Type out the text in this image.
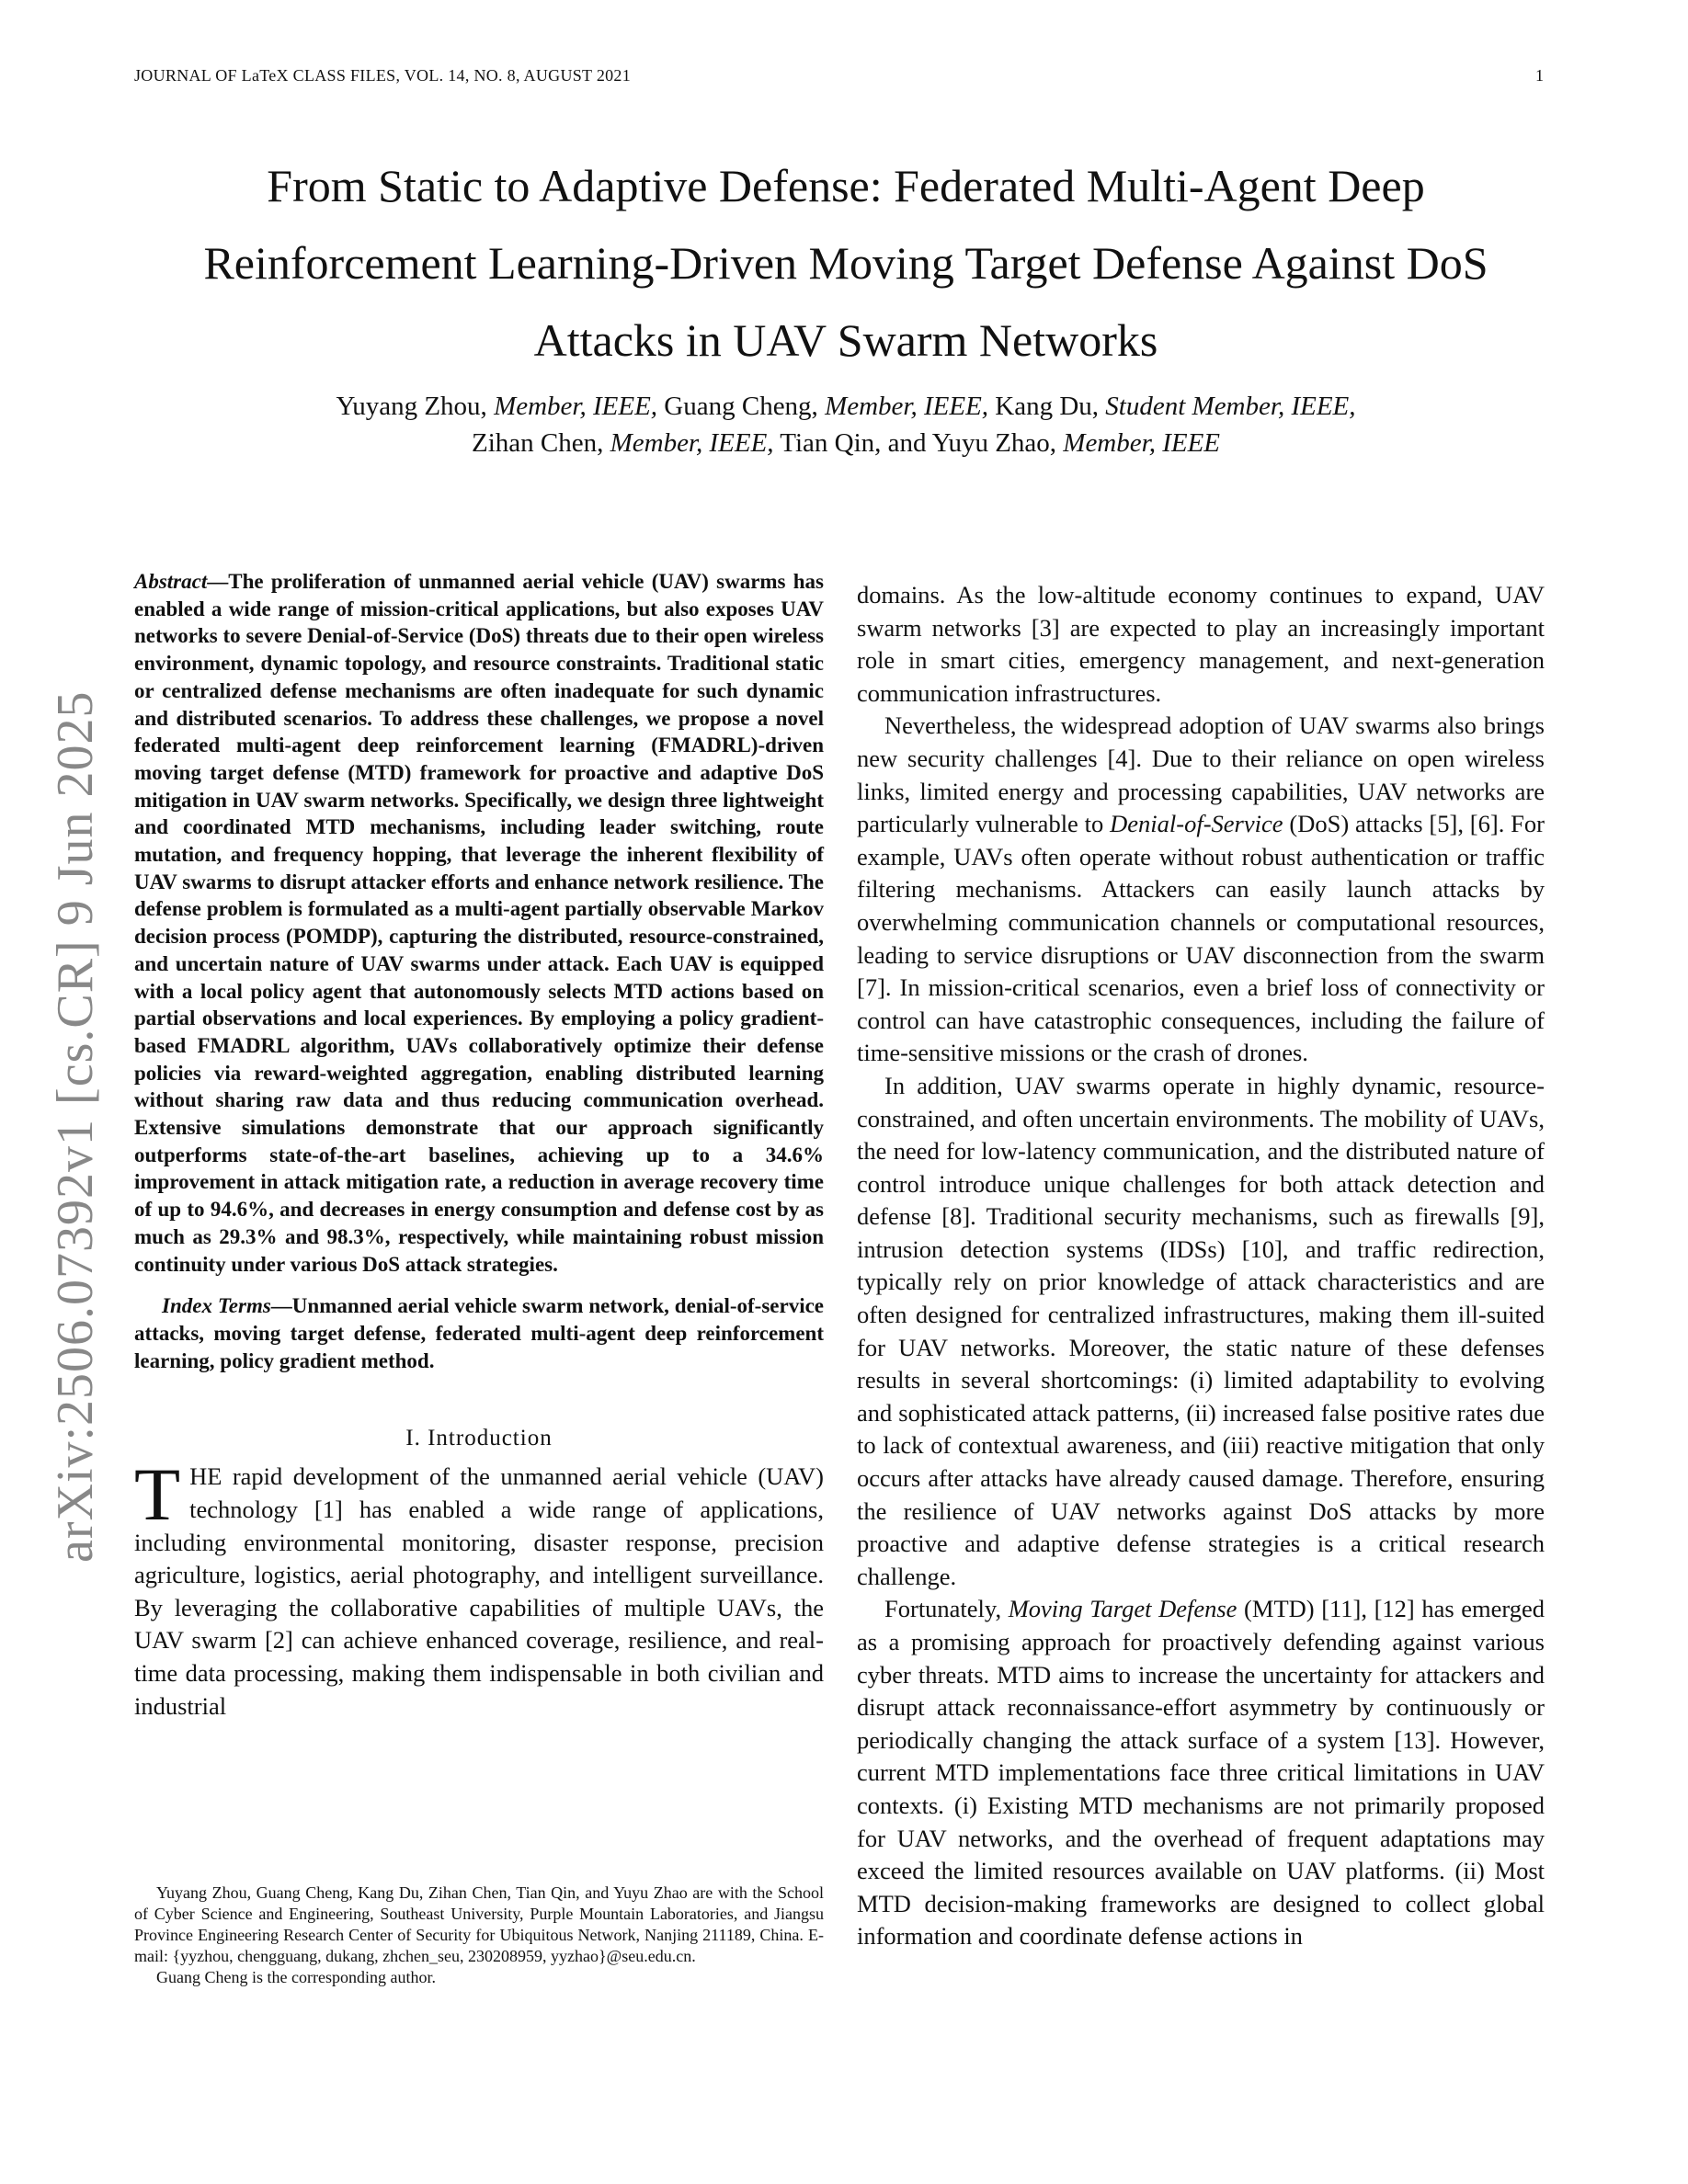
JOURNAL OF LaTeX CLASS FILES, VOL. 14, NO. 8, AUGUST 2021	1
arXiv:2506.07392v1 [cs.CR] 9 Jun 2025
From Static to Adaptive Defense: Federated Multi-Agent Deep
Reinforcement Learning-Driven Moving Target Defense Against DoS
Attacks in UAV Swarm Networks
Yuyang Zhou, Member, IEEE, Guang Cheng, Member, IEEE, Kang Du, Student Member, IEEE,
Zihan Chen, Member, IEEE, Tian Qin, and Yuyu Zhao, Member, IEEE

Abstract—The proliferation of unmanned aerial vehicle (UAV) swarms has enabled a wide range of mission-critical applications, but also exposes UAV networks to severe Denial-of-Service (DoS) threats due to their open wireless environment, dynamic topology, and resource constraints. Traditional static or centralized defense mechanisms are often inadequate for such dynamic and distributed scenarios. To address these challenges, we propose a novel federated multi-agent deep reinforcement learning (FMADRL)-driven moving target defense (MTD) framework for proactive and adaptive DoS mitigation in UAV swarm networks. Specifically, we design three lightweight and coordinated MTD mechanisms, including leader switching, route mutation, and frequency hopping, that leverage the inherent flexibility of UAV swarms to disrupt attacker efforts and enhance network resilience. The defense problem is formulated as a multi-agent partially observable Markov decision process (POMDP), capturing the distributed, resource-constrained, and uncertain nature of UAV swarms under attack. Each UAV is equipped with a local policy agent that autonomously selects MTD actions based on partial observations and local experiences. By employing a policy gradient-based FMADRL algorithm, UAVs collaboratively optimize their defense policies via reward-weighted aggregation, enabling distributed learning without sharing raw data and thus reducing communication overhead. Extensive simulations demonstrate that our approach significantly outperforms state-of-the-art baselines, achieving up to a 34.6% improvement in attack mitigation rate, a reduction in average recovery time of up to 94.6%, and decreases in energy consumption and defense cost by as much as 29.3% and 98.3%, respectively, while maintaining robust mission continuity under various DoS attack strategies.

Index Terms—Unmanned aerial vehicle swarm network, denial-of-service attacks, moving target defense, federated multi-agent deep reinforcement learning, policy gradient method.

I. Introduction

THE rapid development of the unmanned aerial vehicle (UAV) technology [1] has enabled a wide range of applications, including environmental monitoring, disaster response, precision agriculture, logistics, aerial photography, and intelligent surveillance. By leveraging the collaborative capabilities of multiple UAVs, the UAV swarm [2] can achieve enhanced coverage, resilience, and real-time data processing, making them indispensable in both civilian and industrial

Yuyang Zhou, Guang Cheng, Kang Du, Zihan Chen, Tian Qin, and Yuyu Zhao are with the School of Cyber Science and Engineering, Southeast University, Purple Mountain Laboratories, and Jiangsu Province Engineering Research Center of Security for Ubiquitous Network, Nanjing 211189, China. E-mail: {yyzhou, chengguang, dukang, zhchen_seu, 230208959, yyzhao}@seu.edu.cn.

Guang Cheng is the corresponding author.

domains. As the low-altitude economy continues to expand, UAV swarm networks [3] are expected to play an increasingly important role in smart cities, emergency management, and next-generation communication infrastructures.

Nevertheless, the widespread adoption of UAV swarms also brings new security challenges [4]. Due to their reliance on open wireless links, limited energy and processing capabilities, UAV networks are particularly vulnerable to Denial-of-Service (DoS) attacks [5], [6]. For example, UAVs often operate without robust authentication or traffic filtering mechanisms. Attackers can easily launch attacks by overwhelming communication channels or computational resources, leading to service disruptions or UAV disconnection from the swarm [7]. In mission-critical scenarios, even a brief loss of connectivity or control can have catastrophic consequences, including the failure of time-sensitive missions or the crash of drones.

In addition, UAV swarms operate in highly dynamic, resource-constrained, and often uncertain environments. The mobility of UAVs, the need for low-latency communication, and the distributed nature of control introduce unique challenges for both attack detection and defense [8]. Traditional security mechanisms, such as firewalls [9], intrusion detection systems (IDSs) [10], and traffic redirection, typically rely on prior knowledge of attack characteristics and are often designed for centralized infrastructures, making them ill-suited for UAV networks. Moreover, the static nature of these defenses results in several shortcomings: (i) limited adaptability to evolving and sophisticated attack patterns, (ii) increased false positive rates due to lack of contextual awareness, and (iii) reactive mitigation that only occurs after attacks have already caused damage. Therefore, ensuring the resilience of UAV networks against DoS attacks by more proactive and adaptive defense strategies is a critical research challenge.

Fortunately, Moving Target Defense (MTD) [11], [12] has emerged as a promising approach for proactively defending against various cyber threats. MTD aims to increase the uncertainty for attackers and disrupt attack reconnaissance-effort asymmetry by continuously or periodically changing the attack surface of a system [13]. However, current MTD implementations face three critical limitations in UAV contexts. (i) Existing MTD mechanisms are not primarily proposed for UAV networks, and the overhead of frequent adaptations may exceed the limited resources available on UAV platforms. (ii) Most MTD decision-making frameworks are designed to collect global information and coordinate defense actions in
